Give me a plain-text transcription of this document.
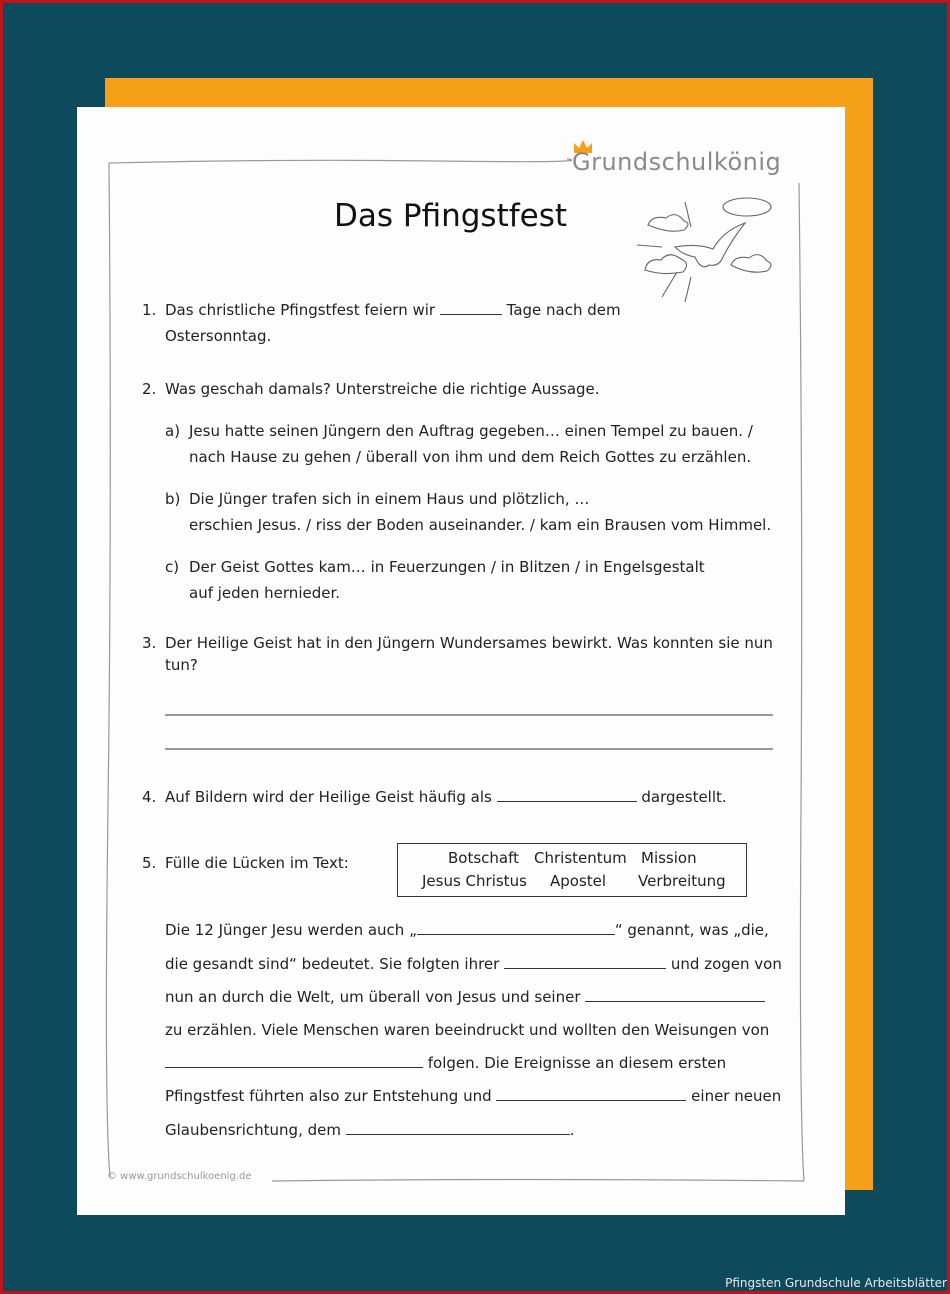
Grundschulkönig
Das Pfingstfest
1. Das christliche Pfingstfest feiern wir	Tage nach dem
Ostersonntag.
2. Was geschah damals? Unterstreiche die richtige Aussage.
a) Jesu hatte seinen Jüngern den Auftrag gegeben… einen Tempel zu bauen. /
nach Hause zu gehen / überall von ihm und dem Reich Gottes zu erzählen.
b) Die Jünger trafen sich in einem Haus und plötzlich, …
erschien Jesus. / riss der Boden auseinander. / kam ein Brausen vom Himmel.
c) Der Geist Gottes kam… in Feuerzungen / in Blitzen / in Engelsgestalt
auf jeden hernieder.
3. Der Heilige Geist hat in den Jüngern Wundersames bewirkt. Was konnten sie nun
tun?
4. Auf Bildern wird der Heilige Geist häufig als	dargestellt.
5. Fülle die Lücken im Text:	Botschaft Christentum Mission
Jesus Christus Apostel Verbreitung
Die 12 Jünger Jesu werden auch „	“ genannt, was „die,
die gesandt sind“ bedeutet. Sie folgten ihrer	und zogen von
nun an durch die Welt, um überall von Jesus und seiner
zu erzählen. Viele Menschen waren beeindruckt und wollten den Weisungen von
folgen. Die Ereignisse an diesem ersten
Pfingstfest führten also zur Entstehung und	einer neuen
Glaubensrichtung, dem	.
© www.grundschulkoenig.de
Pfingsten Grundschule Arbeitsblätter
